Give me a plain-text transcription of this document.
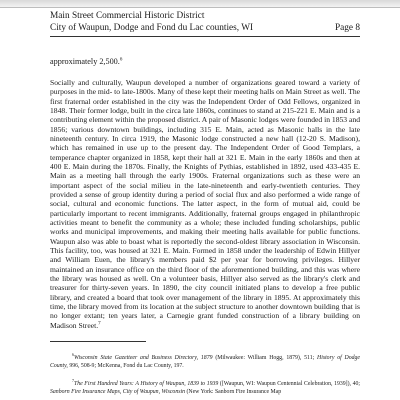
Main Street Commercial Historic District
City of Waupun, Dodge and Fond du Lac counties, WI	Page 8
approximately 2,500.$^6$

Socially and culturally, Waupun developed a number of organizations geared toward a variety of purposes in the mid- to late-1800s. Many of these kept their meeting halls on Main Street as well. The first fraternal order established in the city was the Independent Order of Odd Fellows, organized in 1848. Their former lodge, built in the circa late 1860s, continues to stand at 215-221 E. Main and is a contributing element within the proposed district. A pair of Masonic lodges were founded in 1853 and 1856; various downtown buildings, including 315 E. Main, acted as Masonic halls in the late nineteenth century. In circa 1919, the Masonic lodge constructed a new hall (12-20 S. Madison), which has remained in use up to the present day. The Independent Order of Good Templars, a temperance chapter organized in 1858, kept their hall at 321 E. Main in the early 1860s and then at 400 E. Main during the 1870s. Finally, the Knights of Pythias, established in 1892, used 433-435 E. Main as a meeting hall through the early 1900s. Fraternal organizations such as these were an important aspect of the social milieu in the late-nineteenth and early-twentieth centuries. They provided a sense of group identity during a period of social flux and also performed a wide range of social, cultural and economic functions. The latter aspect, in the form of mutual aid, could be particularly important to recent immigrants. Additionally, fraternal groups engaged in philanthropic activities meant to benefit the community as a whole; these included funding scholarships, public works and municipal improvements, and making their meeting halls available for public functions. Waupun also was able to boast what is reportedly the second-oldest library association in Wisconsin. This facility, too, was housed at 321 E. Main. Formed in 1858 under the leadership of Edwin Hillyer and William Euen, the library's members paid $2 per year for borrowing privileges. Hillyer maintained an insurance office on the third floor of the aforementioned building, and this was where the library was housed as well. On a volunteer basis, Hillyer also served as the library's clerk and treasurer for thirty-seven years. In 1890, the city council initiated plans to develop a free public library, and created a board that took over management of the library in 1895. At approximately this time, the library moved from its location at the subject structure to another downtown building that is no longer extant; ten years later, a Carnegie grant funded construction of a library building on Madison Street.$^7$

$^6$Wisconsin State Gazetteer and Business Directory, 1879 (Milwaukee: William Hogg, 1879), 511; History of Dodge County, 996, 508-9; McKenna, Fond du Lac County, 197.

$^7$The First Hundred Years: A History of Waupun, 1839 to 1939 ([Waupun, WI: Waupun Centennial Celebration, 1939]), 40; Sanborn Fire Insurance Maps, City of Waupun, Wisconsin (New York: Sanborn Fire Insurance Map
